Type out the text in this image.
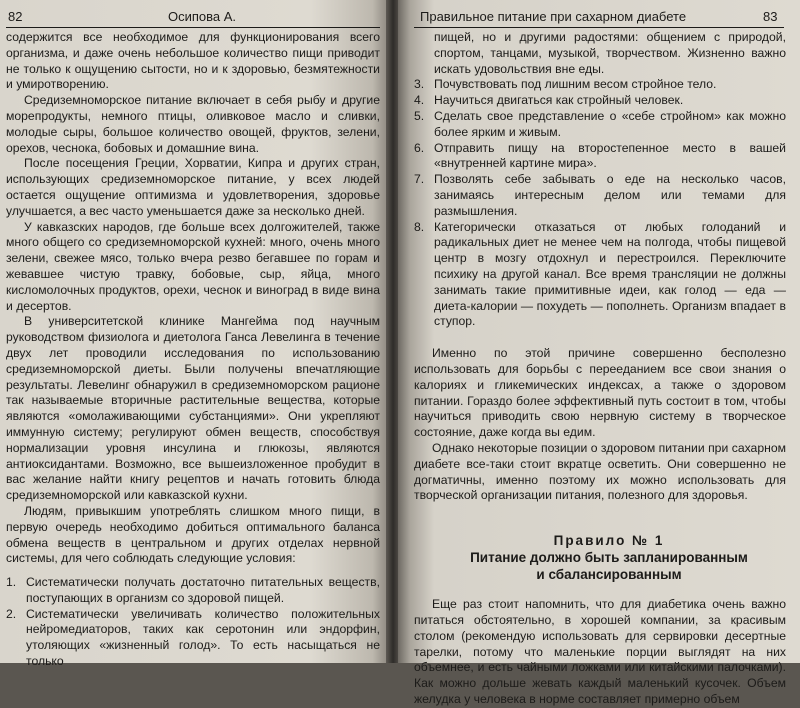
82	Осипова А.

содержится все необходимое для функционирования всего организма, и даже очень небольшое количество пищи приводит не только к ощущению сытости, но и к здоровью, безмятежности и умиротворению.

Средиземноморское питание включает в себя рыбу и другие морепродукты, немного птицы, оливковое масло и сливки, молодые сыры, большое количество овощей, фруктов, зелени, орехов, чеснока, бобовых и домашние вина.

После посещения Греции, Хорватии, Кипра и других стран, использующих средиземноморское питание, у всех людей остается ощущение оптимизма и удовлетворения, здоровье улучшается, а вес часто уменьшается даже за несколько дней.

У кавказских народов, где больше всех долгожителей, также много общего со средиземноморской кухней: много, очень много зелени, свежее мясо, только вчера резво бегавшее по горам и жевавшее чистую травку, бобовые, сыр, яйца, много кисломолочных продуктов, орехи, чеснок и виноград в виде вина и десертов.

В университетской клинике Мангейма под научным руководством физиолога и диетолога Ганса Левелинга в течение двух лет проводили исследования по использованию средиземноморской диеты. Были получены впечатляющие результаты. Левелинг обнаружил в средиземноморском рационе так называемые вторичные растительные вещества, которые являются «омолаживающими субстанциями». Они укрепляют иммунную систему; регулируют обмен веществ, способствуя нормализации уровня инсулина и глюкозы, являются антиоксидантами. Возможно, все вышеизложенное пробудит в вас желание найти книгу рецептов и начать готовить блюда средиземноморской или кавказской кухни.

Людям, привыкшим употреблять слишком много пищи, в первую очередь необходимо добиться оптимального баланса обмена веществ в центральном и других отделах нервной системы, для чего соблюдать следующие условия:

1. Систематически получать достаточно питательных веществ, поступающих в организм со здоровой пищей.
2. Систематически увеличивать количество положительных нейромедиаторов, таких как серотонин или эндорфин, утоляющих «жизненный голод». То есть насыщаться не только
Правильное питание при сахарном диабете	83

пищей, но и другими радостями: общением с природой, спортом, танцами, музыкой, творчеством. Жизненно важно искать удовольствия вне еды.

3. Почувствовать под лишним весом стройное тело.
4. Научиться двигаться как стройный человек.
5. Сделать свое представление о «себе стройном» как можно более ярким и живым.
6. Отправить пищу на второстепенное место в вашей «внутренней картине мира».
7. Позволять себе забывать о еде на несколько часов, занимаясь интересным делом или темами для размышления.
8. Категорически отказаться от любых голоданий и радикальных диет не менее чем на полгода, чтобы пищевой центр в мозгу отдохнул и перестроился. Переключите психику на другой канал. Все время трансляции не должны занимать такие примитивные идеи, как голод — еда — диета-калории — похудеть — пополнеть. Организм впадает в ступор.

Именно по этой причине совершенно бесполезно использовать для борьбы с перееданием все свои знания о калориях и гликемических индексах, а также о здоровом питании. Гораздо более эффективный путь состоит в том, чтобы научиться приводить свою нервную систему в творческое состояние, даже когда вы едим.

Однако некоторые позиции о здоровом питании при сахарном диабете все-таки стоит вкратце осветить. Они совершенно не догматичны, именно поэтому их можно использовать для творческой организации питания, полезного для здоровья.

Правило № 1

Питание должно быть запланированным

и сбалансированным

Еще раз стоит напомнить, что для диабетика очень важно питаться обстоятельно, в хорошей компании, за красивым столом (рекомендую использовать для сервировки десертные тарелки, потому что маленькие порции выглядят на них объемнее, и есть чайными ложками или китайскими палочками). Как можно дольше жевать каждый маленький кусочек. Объем желудка у человека в норме составляет примерно объем
